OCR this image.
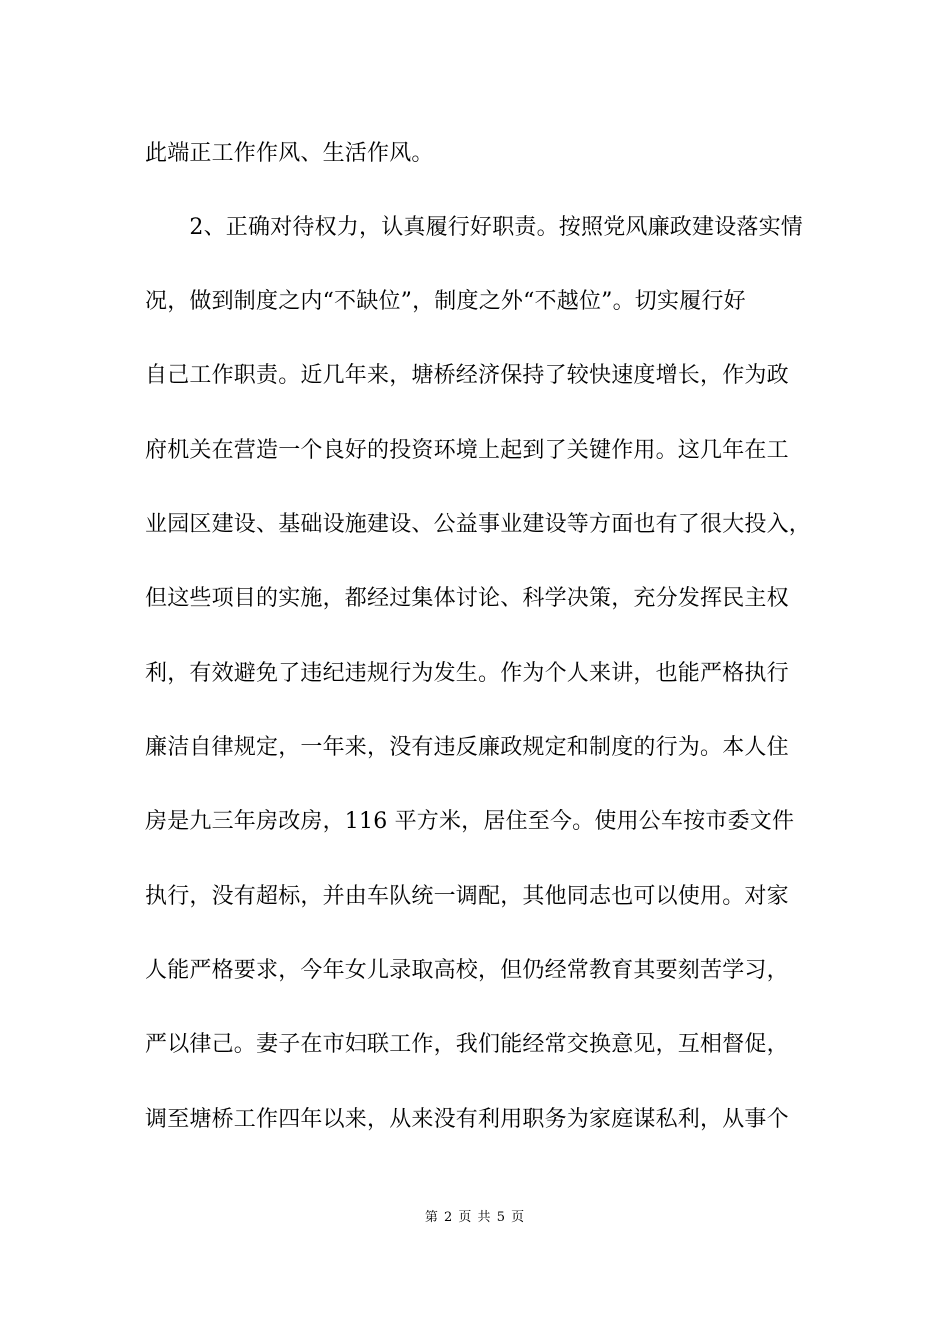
此端正工作作风、生活作风。
　　2、正确对待权力，认真履行好职责。按照党风廉政建设落实情
况，做到制度之内“不缺位”，制度之外“不越位”。切实履行好
自己工作职责。近几年来，塘桥经济保持了较快速度增长，作为政
府机关在营造一个良好的投资环境上起到了关键作用。这几年在工
业园区建设、基础设施建设、公益事业建设等方面也有了很大投入，
但这些项目的实施，都经过集体讨论、科学决策，充分发挥民主权
利，有效避免了违纪违规行为发生。作为个人来讲，也能严格执行
廉洁自律规定，一年来，没有违反廉政规定和制度的行为。本人住
房是九三年房改房，116 平方米，居住至今。使用公车按市委文件
执行，没有超标，并由车队统一调配，其他同志也可以使用。对家
人能严格要求，今年女儿录取高校，但仍经常教育其要刻苦学习，
严以律己。妻子在市妇联工作，我们能经常交换意见，互相督促，
调至塘桥工作四年以来，从来没有利用职务为家庭谋私利，从事个
第 2 页 共 5 页
